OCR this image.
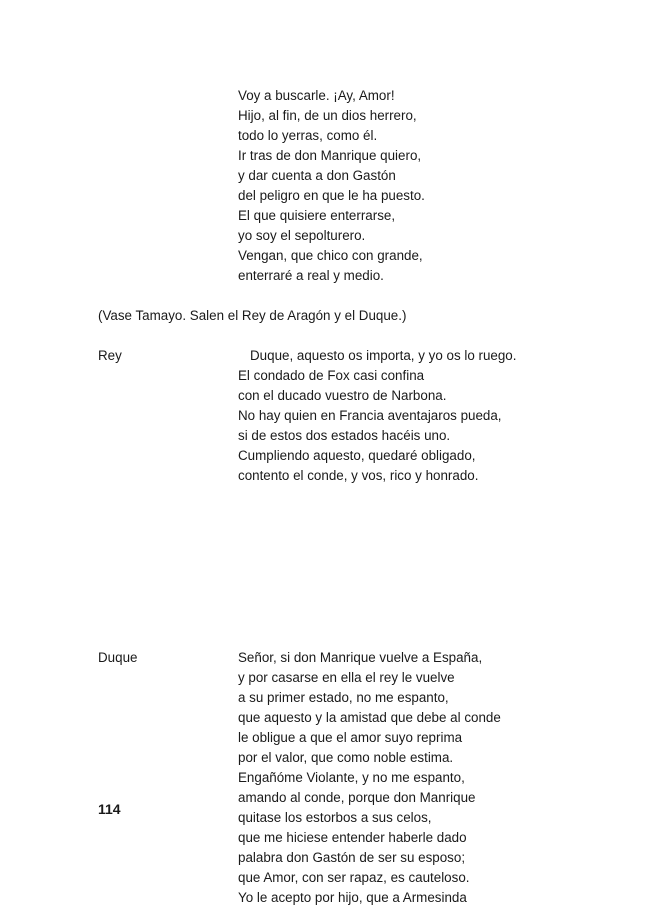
Voy a buscarle. ¡Ay, Amor!
Hijo, al fin, de un dios herrero,
todo lo yerras, como él.
Ir tras de don Manrique quiero,
y dar cuenta a don Gastón
del peligro en que le ha puesto.
El que quisiere enterrarse,
yo soy el sepolturero.
Vengan, que chico con grande,
enterraré a real y medio.
(Vase Tamayo. Salen el Rey de Aragón y el Duque.)
Rey	Duque, aquesto os importa, y yo os lo ruego.
El condado de Fox casi confina
con el ducado vuestro de Narbona.
No hay quien en Francia aventajaros pueda,
si de estos dos estados hacéis uno.
Cumpliendo aquesto, quedaré obligado,
contento el conde, y vos, rico y honrado.
Duque	Señor, si don Manrique vuelve a España,
y por casarse en ella el rey le vuelve
a su primer estado, no me espanto,
que aquesto y la amistad que debe al conde
le obligue a que el amor suyo reprima
por el valor, que como noble estima.
Engañóme Violante, y no me espanto,
amando al conde, porque don Manrique
quitase los estorbos a sus celos,
que me hiciese entender haberle dado
palabra don Gastón de ser su esposo;
que Amor, con ser rapaz, es cauteloso.
Yo le acepto por hijo, que a Armesinda
114
